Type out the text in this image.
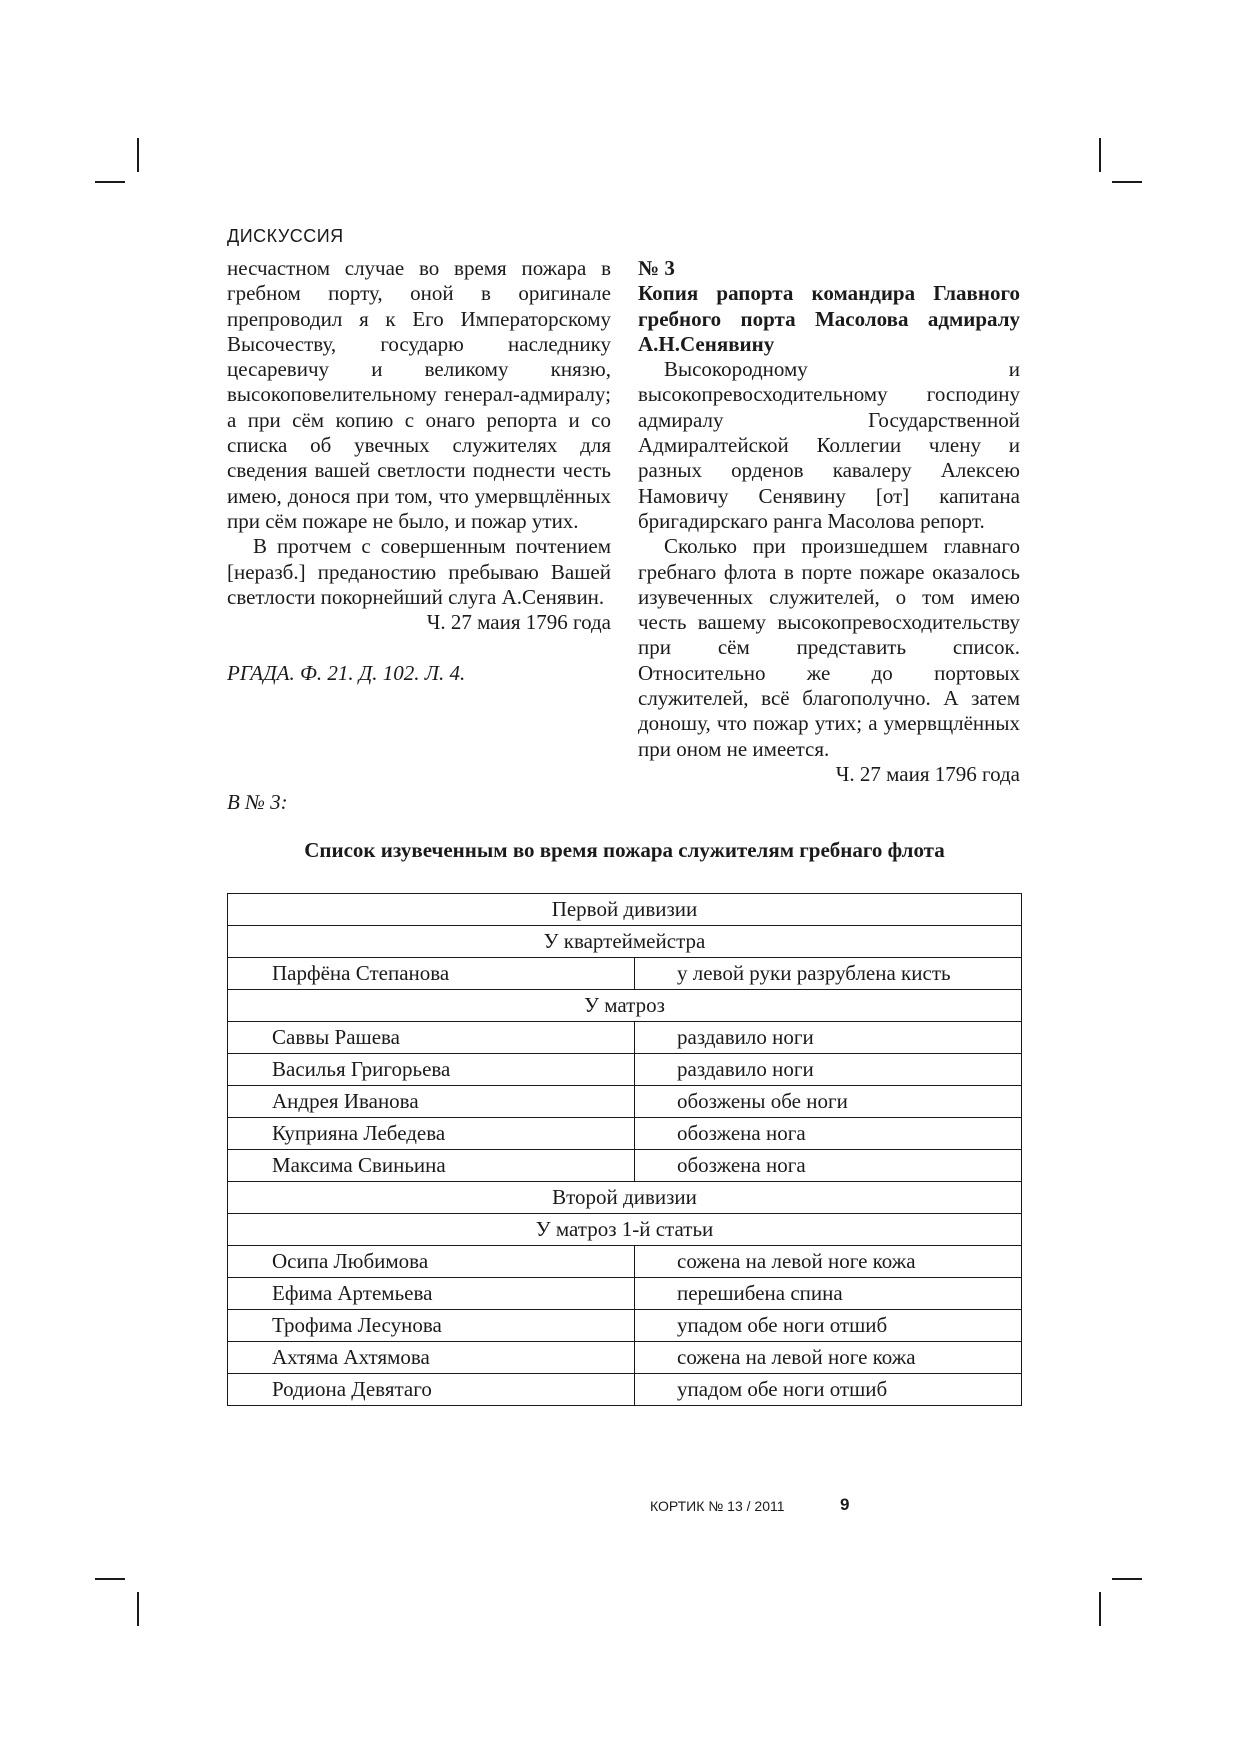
ДИСКУССИЯ

несчастном случае во время пожара в гребном порту, оной в оригинале препроводил я к Его Императорскому Высочеству, государю наследнику цесаревичу и великому князю, высокоповелительному генерал-адмиралу; а при сём копию с онаго репорта и со списка об увечных служителях для сведения вашей светлости поднести честь имею, донося при том, что умервщлённых при сём пожаре не было, и пожар утих.

В протчем с совершенным почтением [неразб.] преданостию пребываю Вашей светлости покорнейший слуга А.Сенявин.

Ч. 27 маия 1796 года

РГАДА. Ф. 21. Д. 102. Л. 4.

№ 3

Копия рапорта командира Главного гребного порта Масолова адмиралу А.Н.Сенявину

Высокородному и высокопревосходительному господину адмиралу Государственной Адмиралтейской Коллегии члену и разных орденов кавалеру Алексею Намовичу Сенявину [от] капитана бригадирскаго ранга Масолова репорт.

Сколько при произшедшем главнаго гребнаго флота в порте пожаре оказалось изувеченных служителей, о том имею честь вашему высокопревосходительству при сём представить список. Относительно же до портовых служителей, всё благополучно. А затем доношу, что пожар утих; а умервщлённых при оном не имеется.

Ч. 27 маия 1796 года

В № 3:
Список изувеченным во время пожара служителям гребнаго флота
Первой дивизии	
У квартеймейстра	
Парфёна Степанова	у левой руки разрублена кисть
У матроз	
Саввы Рашева	раздавило ноги
Василья Григорьева	раздавило ноги
Андрея Иванова	обозжены обе ноги
Куприяна Лебедева	обозжена нога
Максима Свиньина	обозжена нога
Второй дивизии	
У матроз 1-й статьи	
Осипа Любимова	сожена на левой ноге кожа
Ефима Артемьева	перешибена спина
Трофима Лесунова	упадом обе ноги отшиб
Ахтяма Ахтямова	сожена на левой ноге кожа
Родиона Девятаго	упадом обе ноги отшиб
КОРТИК № 13 / 2011	9
